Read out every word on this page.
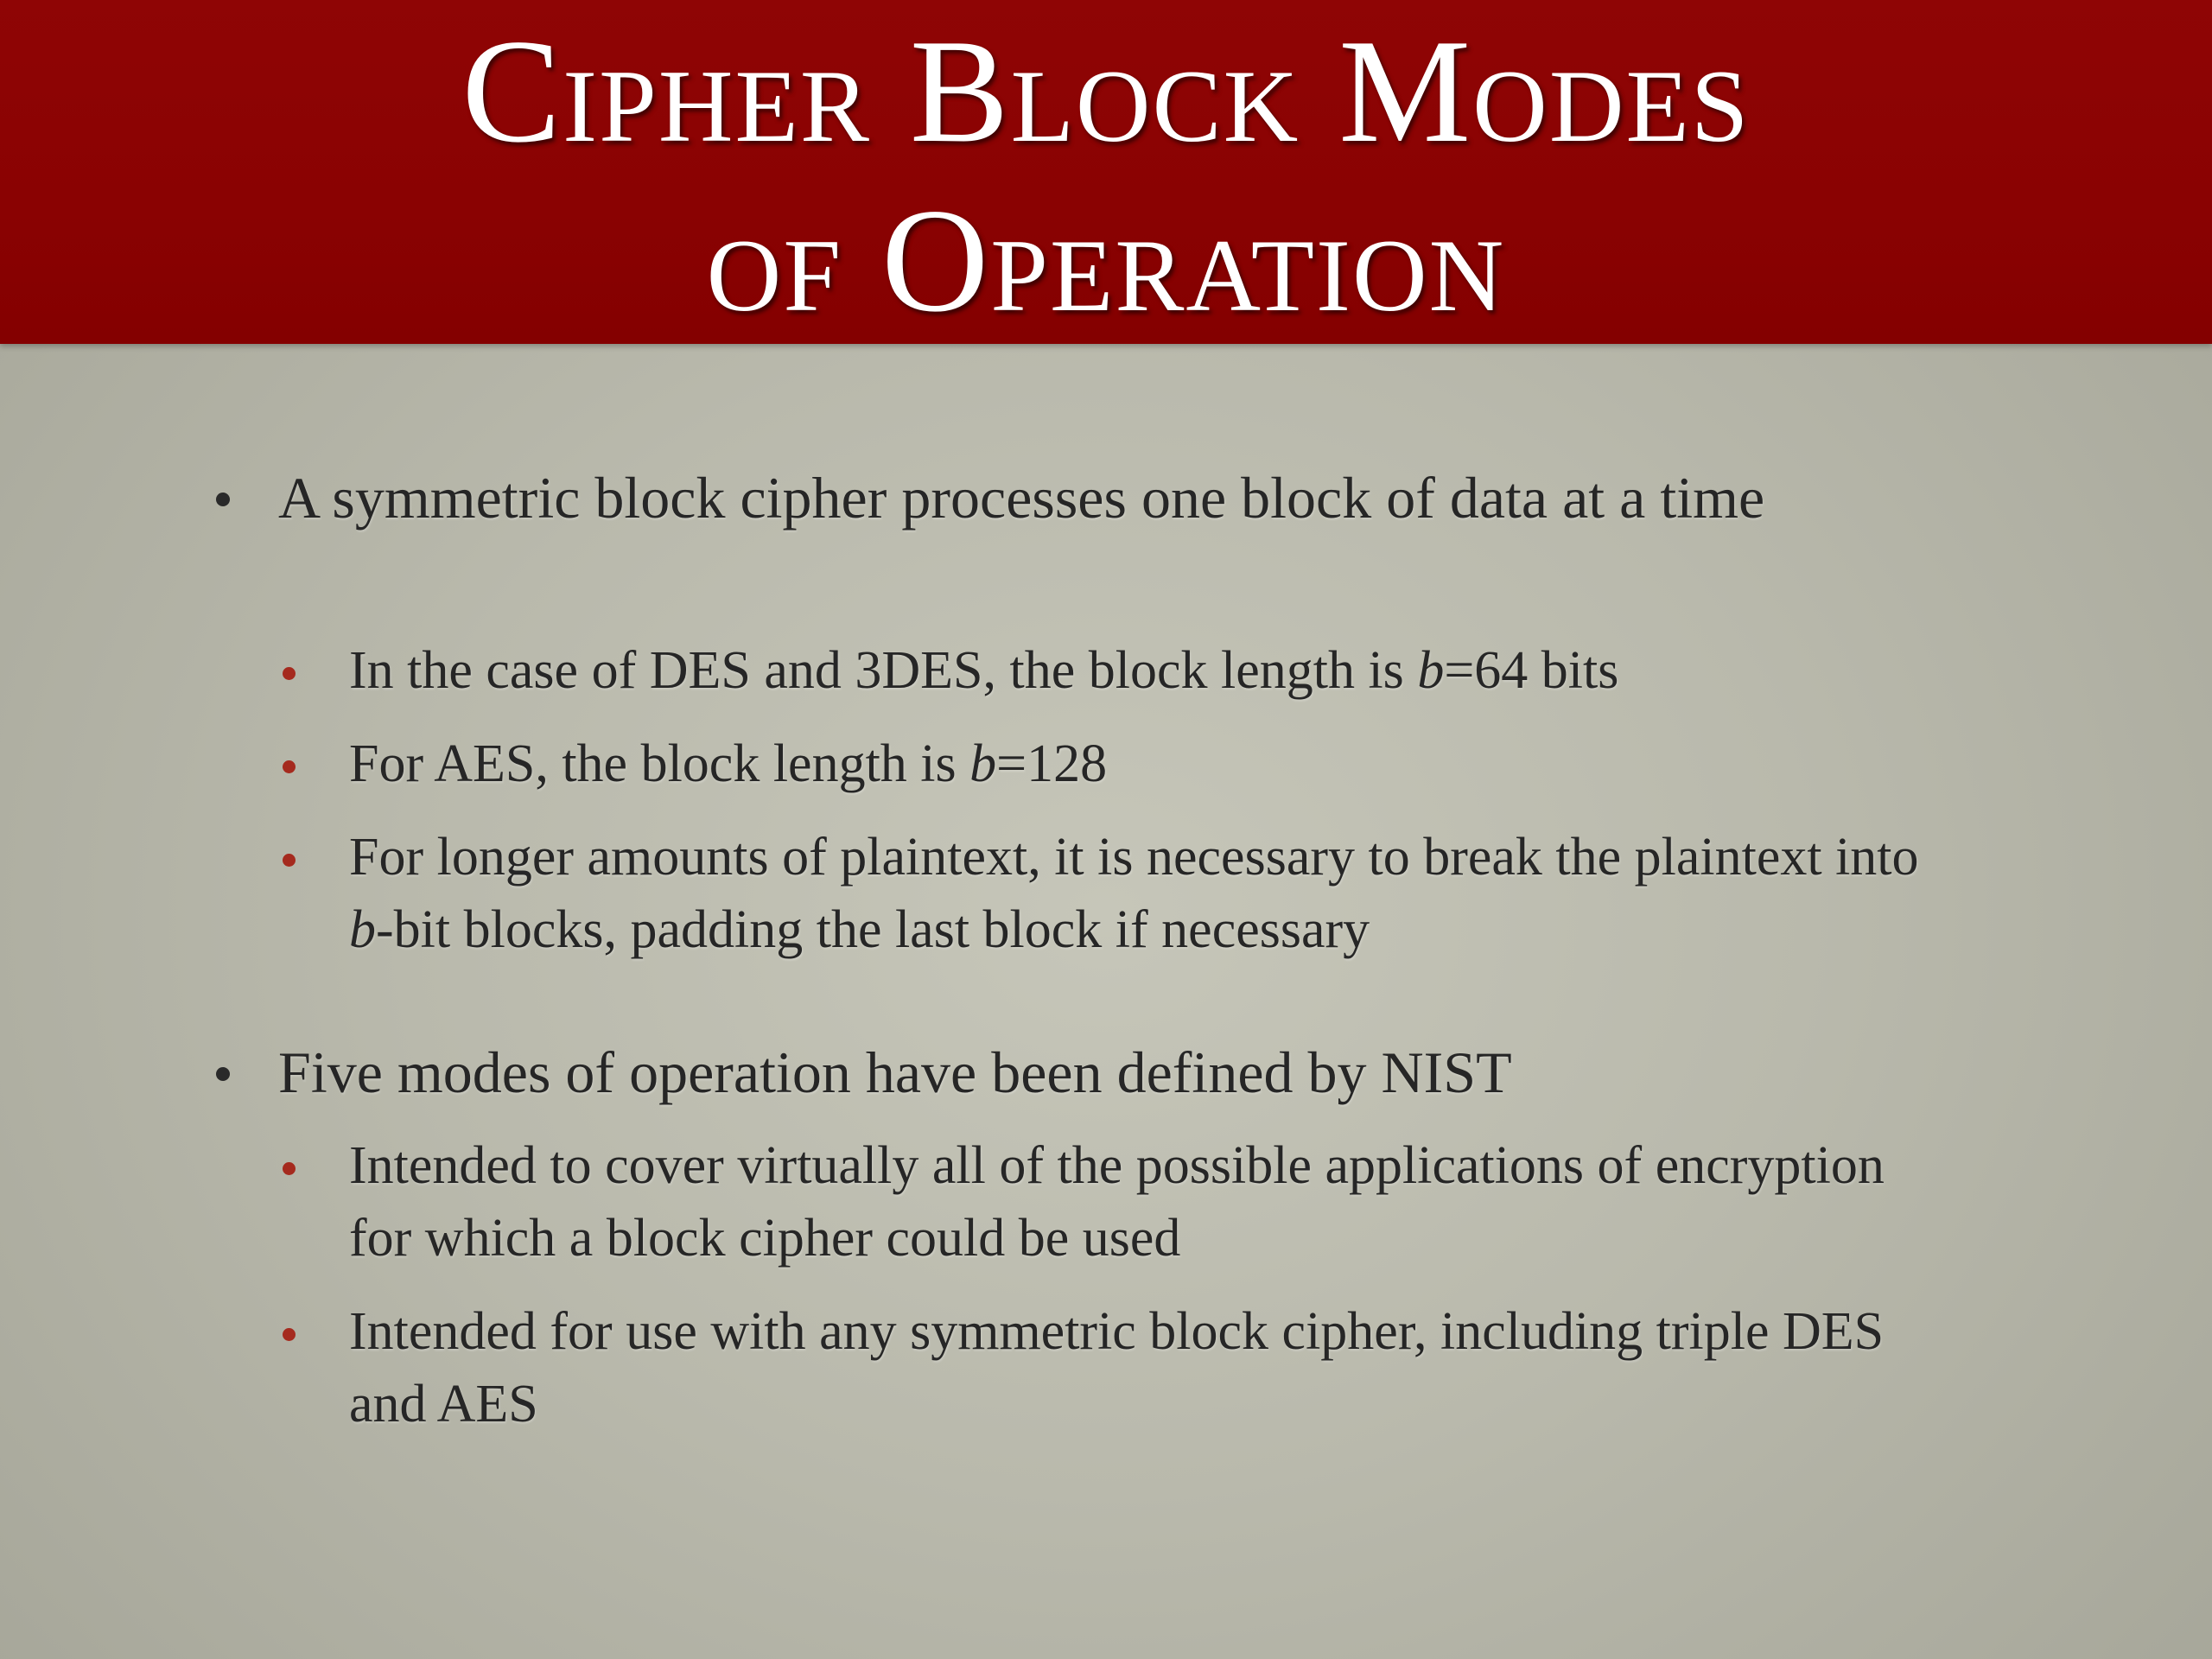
Cipher Block Modes
of Operation

A symmetric block cipher processes one block of data at a time

In the case of DES and 3DES, the block length is b=64 bits

For AES, the block length is b=128

For longer amounts of plaintext, it is necessary to break the plaintext into b-bit blocks, padding the last block if necessary

Five modes of operation have been defined by NIST

Intended to cover virtually all of the possible applications of encryption for which a block cipher could be used

Intended for use with any symmetric block cipher, including triple DES and AES
